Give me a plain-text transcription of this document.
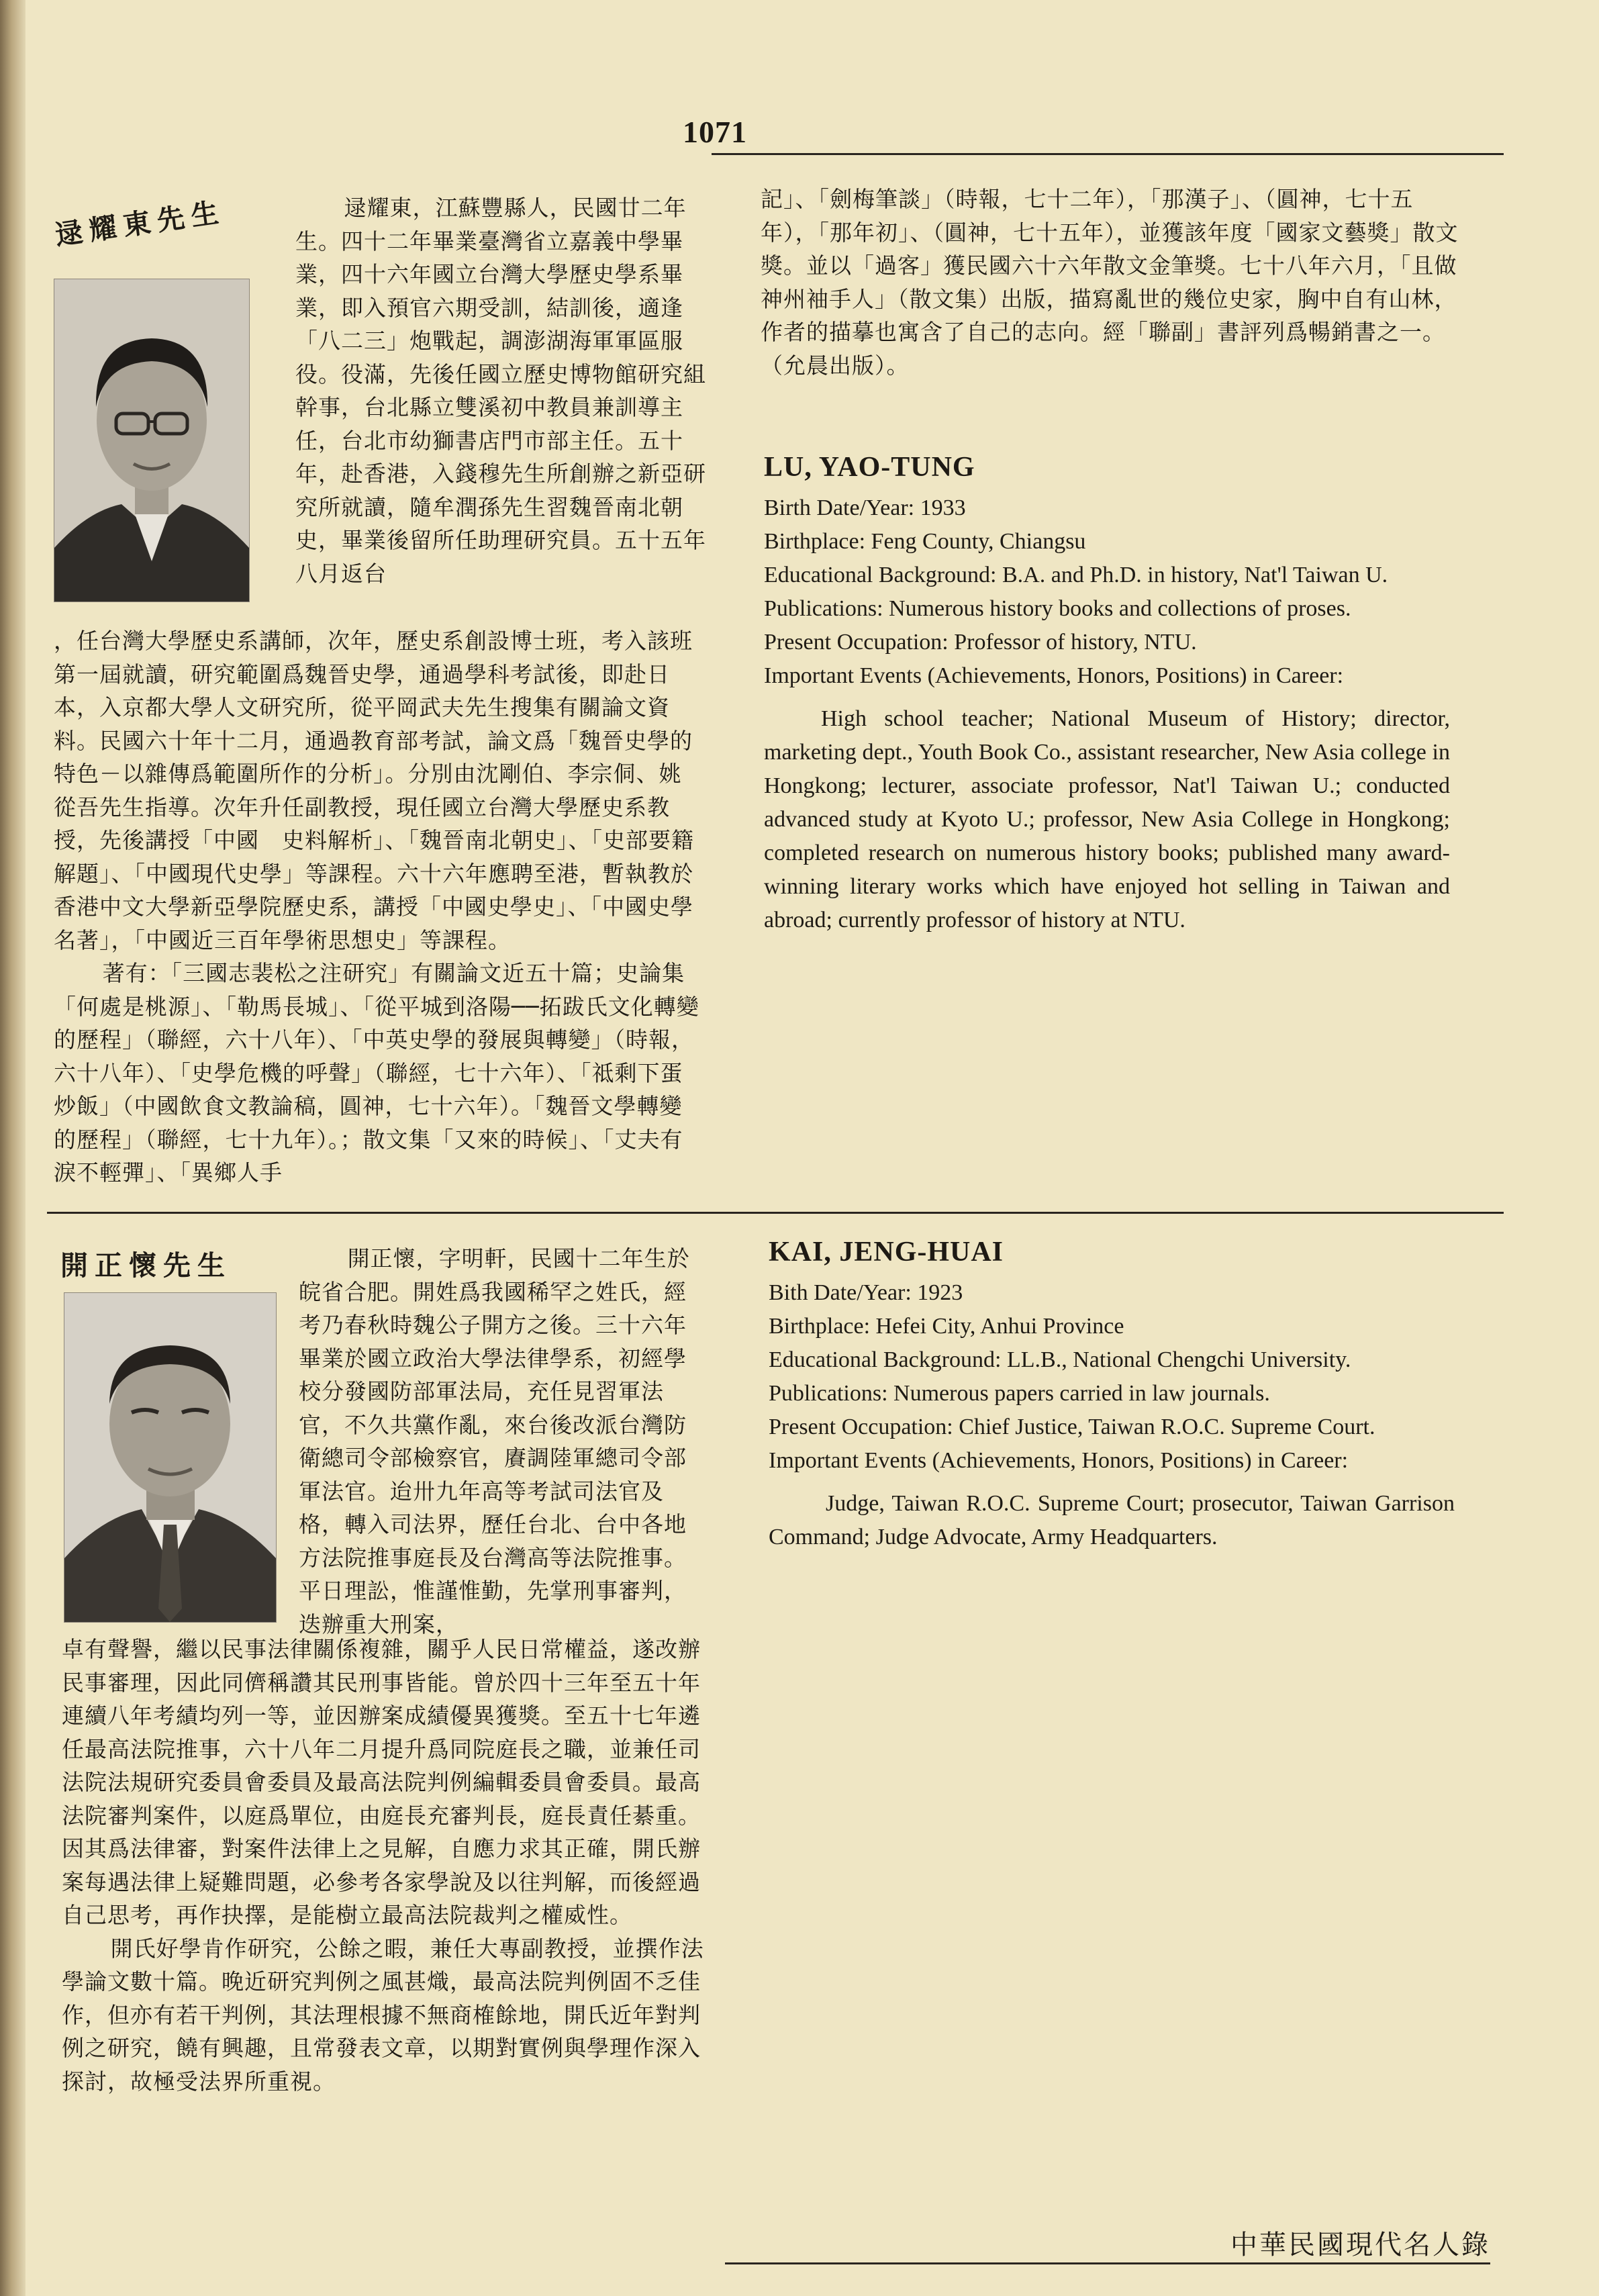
1071
逯耀東先生	逯耀東，江蘇豐縣人，民國廿二年生。四十二年畢業臺灣省立嘉義中學畢業，四十六年國立台灣大學歷史學系畢業，即入預官六期受訓，結訓後，適逢「八二三」炮戰起，調澎湖海軍軍區服役。役滿，先後任國立歷史博物館研究組幹事，台北縣立雙溪初中教員兼訓導主任，台北市幼獅書店門市部主任。五十年，赴香港，入錢穆先生所創辦之新亞研究所就讀，隨牟潤孫先生習魏晉南北朝史，畢業後留所任助理研究員。五十五年八月返台

，任台灣大學歷史系講師，次年，歷史系創設博士班，考入該班第一屆就讀，研究範圍爲魏晉史學，通過學科考試後，即赴日本，入京都大學人文研究所，從平岡武夫先生搜集有關論文資料。民國六十年十二月，通過教育部考試，論文爲「魏晉史學的特色－以雜傳爲範圍所作的分析」。分別由沈剛伯、李宗侗、姚從吾先生指導。次年升任副教授，現任國立台灣大學歷史系教授，先後講授「中國　史料解析」、「魏晉南北朝史」、「史部要籍解題」、「中國現代史學」等課程。六十六年應聘至港，暫執教於香港中文大學新亞學院歷史系，講授「中國史學史」、「中國史學名著」，「中國近三百年學術思想史」等課程。

著有：「三國志裴松之注研究」有關論文近五十篇；史論集「何處是桃源」、「勒馬長城」、「從平城到洛陽──拓跋氏文化轉變的歷程」（聯經，六十八年）、「中英史學的發展與轉變」（時報，六十八年）、「史學危機的呼聲」（聯經，七十六年）、「祗剩下蛋炒飯」（中國飲食文教論稿，圓神，七十六年）。「魏晉文學轉變的歷程」（聯經，七十九年）。；散文集「又來的時候」、「丈夫有淚不輕彈」、「異鄉人手

記」、「劍梅筆談」（時報，七十二年），「那漢子」、（圓神，七十五年），「那年初」、（圓神，七十五年），並獲該年度「國家文藝獎」散文獎。並以「過客」獲民國六十六年散文金筆獎。七十八年六月，「且做神州袖手人」（散文集）出版，描寫亂世的幾位史家，胸中自有山林，作者的描摹也寓含了自己的志向。經「聯副」書評列爲暢銷書之一。（允晨出版）。

LU, YAO-TUNG

Birth Date/Year: 1933

Birthplace: Feng County, Chiangsu

Educational Background: B.A. and Ph.D. in history, Nat'l Taiwan U.

Publications: Numerous history books and collections of proses.

Present Occupation: Professor of history, NTU.

Important Events (Achievements, Honors, Positions) in Career:

High school teacher; National Museum of History; director, marketing dept., Youth Book Co., assistant researcher, New Asia college in Hongkong; lecturer, associate professor, Nat'l Taiwan U.; conducted advanced study at Kyoto U.; professor, New Asia College in Hongkong; completed research on numerous history books; published many award-winning literary works which have enjoyed hot selling in Taiwan and abroad; currently professor of history at NTU.

開正懷先生	開正懷，字明軒，民國十二年生於皖省合肥。開姓爲我國稀罕之姓氏，經考乃春秋時魏公子開方之後。三十六年畢業於國立政治大學法律學系，初經學校分發國防部軍法局，充任見習軍法官，不久共黨作亂，來台後改派台灣防衛總司令部檢察官，賡調陸軍總司令部軍法官。迨卅九年高等考試司法官及格，轉入司法界，歷任台北、台中各地方法院推事庭長及台灣高等法院推事。平日理訟，惟謹惟勤，先掌刑事審判，迭辦重大刑案，

卓有聲譽，繼以民事法律關係複雜，關乎人民日常權益，遂改辦民事審理，因此同儕稱讚其民刑事皆能。曾於四十三年至五十年連續八年考績均列一等，並因辦案成績優異獲獎。至五十七年遴任最高法院推事，六十八年二月提升爲同院庭長之職，並兼任司法院法規研究委員會委員及最高法院判例編輯委員會委員。最高法院審判案件，以庭爲單位，由庭長充審判長，庭長責任綦重。因其爲法律審，對案件法律上之見解，自應力求其正確，開氏辦案每遇法律上疑難問題，必參考各家學說及以往判解，而後經過自己思考，再作抉擇，是能樹立最高法院裁判之權威性。

開氏好學肯作研究，公餘之暇，兼任大專副教授，並撰作法學論文數十篇。晚近研究判例之風甚熾，最高法院判例固不乏佳作，但亦有若干判例，其法理根據不無商榷餘地，開氏近年對判例之研究，饒有興趣，且常發表文章，以期對實例與學理作深入探討，故極受法界所重視。

KAI, JENG-HUAI

Bith Date/Year: 1923

Birthplace: Hefei City, Anhui Province

Educational Background: LL.B., National Chengchi University.

Publications: Numerous papers carried in law journals.

Present Occupation: Chief Justice, Taiwan R.O.C. Supreme Court.

Important Events (Achievements, Honors, Positions) in Career:

Judge, Taiwan R.O.C. Supreme Court; prosecutor, Taiwan Garrison Command; Judge Advocate, Army Headquarters.

中華民國現代名人錄
